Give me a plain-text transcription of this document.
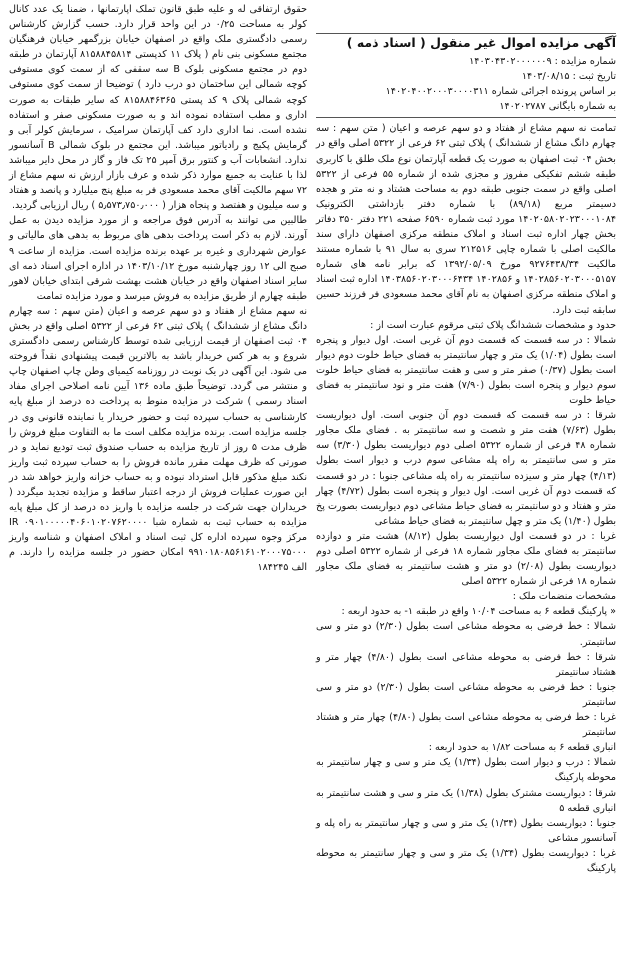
آگهی مزایده اموال غیر منقول ( اسناد ذمه )

شماره مزایده : ۱۴۰۳۰۴۳۰۲۰۰۰۰۰۰۹

تاریخ ثبت : ۱۴۰۳/۰۸/۱۵

بر اساس پرونده اجرائی شماره ۱۴۰۲۰۴۰۰۲۰۰۰۳۰۰۰۰۳۱۱

به شماره بایگانی ۱۴۰۲۰۲۷۸۷

تمامت نه سهم مشاع از هفتاد و دو سهم عرصه و اعیان ( متن سهم : سه چهارم دانگ مشاع از ششدانگ ) پلاک ثبتی ۶۲ فرعی از ۵۳۲۲ اصلی واقع در بخش ۰۴ ثبت اصفهان به صورت یک قطعه آپارتمان نوع ملک طلق با کاربری طبقه ششم تفکیکی مفروز و مجزی شده از شماره ۵۵ فرعی از ۵۳۲۲ اصلی واقع در سمت جنوبی طبقه دوم به مساحت هشتاد و نه متر و هجده دسیمتر مربع (۸۹/۱۸) با شماره دفتر بازداشتی الکترونیک ۱۴۰۲۰۵۸۰۲۰۲۳۰۰۰۱۰۸۴ مورد ثبت شماره ۶۵۹۰ صفحه ۲۲۱ دفتر ۳۵۰ دفاتر بخش چهار اداره ثبت اسناد و املاک منطقه مرکزی اصفهان دارای سند مالکیت اصلی با شماره چاپی ۲۱۲۵۱۶ سری به سال ۹۱ با شماره مستند مالکیت ۹۲۷۶۴۳۸/۳۴ مورخ ۱۳۹۲/۰۵/۰۹ که برابر نامه های شماره ۱۴۰۲۸۵۶۰۲۰۳۰۰۰۵۱۵۷ و ۱۴۰۲۸۵۶ ۱۴۰۳۸۵۶۰۲۰۳۰۰۰۶۴۳۴ اداره ثبت اسناد و املاک منطقه مرکزی اصفهان به نام آقای محمد مسعودی فر فرزند حسین سابقه ثبت دارد.

حدود و مشخصات ششدانگ پلاک ثبتی مرقوم عبارت است از :

شمالا : در سه قسمت که قسمت دوم آن غربی است. اول دیوار و پنجره است بطول (۱/۰۴) یک متر و چهار سانتیمتر به فضای حیاط خلوت دوم دیوار است بطول (۰/۳۷) صفر متر و سی و هفت سانتیمتر به فضای حیاط خلوت سوم دیوار و پنجره است بطول (۷/۹۰) هفت متر و نود سانتیمتر به فضای حیاط خلوت

شرقا : در سه قسمت که قسمت دوم آن جنوبی است. اول دیواریست بطول (۷/۶۳) هفت متر و شصت و سه سانتیمتر به . فضای ملک مجاور شماره ۴۸ فرعی از شماره ۵۳۲۲ اصلی دوم دیواریست بطول (۳/۳۰) سه متر و سی سانتیمتر به راه پله مشاعی سوم درب و دیوار است بطول (۴/۱۳) چهار متر و سیزده سانتیمتر به راه پله مشاعی جنوبا : در دو قسمت که قسمت دوم آن غربی است. اول دیوار و پنجره است بطول (۴/۷۲) چهار متر و هفتاد و دو سانتیمتر به فضای حیاط مشاعی دوم دیواریست بصورت پخ بطول (۱/۴۰) یک متر و چهل سانتیمتر به فضای حیاط مشاعی

غربا : در دو قسمت اول دیواریست بطول (۸/۱۲) هشت متر و دوازده سانتیمتر به فضای ملک مجاور شماره ۱۸ فرعی از شماره ۵۳۲۲ اصلی دوم دیواریست بطول (۲/۰۸) دو متر و هشت سانتیمتر به فضای ملک مجاور شماره ۱۸ فرعی از شماره ۵۳۲۲ اصلی

مشخصات منضمات ملک :

« پارکینگ قطعه ۶ به مساحت ۱۰/۰۴ واقع در طبقه ۱- به حدود اربعه :

شمالا : خط فرضی به محوطه مشاعی است بطول (۲/۳۰) دو متر و سی سانتیمتر.

شرقا : خط فرضی به محوطه مشاعی است بطول (۴/۸۰) چهار متر و هشتاد سانتیمتر

جنوبا : خط فرضی به محوطه مشاعی است بطول (۲/۳۰) دو متر و سی سانتیمتر

غربا : خط فرضی به محوطه مشاعی است بطول (۴/۸۰) چهار متر و هشتاد سانتیمتر

انباری قطعه ۶ به مساحت ۱/۸۲ به حدود اربعه :

شمالا : درب و دیوار است بطول (۱/۳۴) یک متر و سی و چهار سانتیمتر به محوطه پارکینگ

شرقا : دیواریست مشترک بطول (۱/۳۸) یک متر و سی و هشت سانتیمتر به انباری قطعه ۵

جنوبا : دیواریست بطول (۱/۳۴) یک متر و سی و چهار سانتیمتر به راه پله و آسانسور مشاعی

غربا : دیواریست بطول (۱/۳۴) یک متر و سی و چهار سانتیمتر به محوطه پارکینگ

حقوق ارتفاقی له و علیه طبق قانون تملک اپارتمانها ، ضمنا یک عدد کانال کولر به مساحت ۰/۲۵ در این واحد قرار دارد. حسب گزارش کارشناس رسمی دادگستری ملک واقع در اصفهان خیابان بزرگمهر خیابان فرهنگیان مجتمع مسکونی بنی نام ( پلاک ۱۱ کدپستی ۸۱۵۸۸۴۵۸۱۴ آپارتمان در طبقه دوم در مجتمع مسکونی بلوک B سه سقفی که از سمت کوی مستوفی کوچه شمالی این ساختمان دو درب دارد ) توضیحا از سمت کوی مستوفی کوچه شمالی پلاک ۹ کد پستی ۸۱۵۸۸۴۶۳۶۵ که سایر طبقات به صورت اداری و مطب استفاده نموده اند و به صورت مسکونی صفر و استفاده نشده است. نما اداری دارد کف آپارتمان سرامیک ، سرمایش کولر آبی و گرمایش پکیج و رادیاتور میباشد. این مجتمع در بلوک شمالی B آسانسور ندارد. انشعابات آب و کنتور برق آمپر ۲۵ تک فاز و گاز در محل دایر میباشد لذا با عنایت به جمیع موارد ذکر شده و عرف بازار ارزش نه سهم مشاع از ۷۲ سهم مالکیت آقای محمد مسعودی فر به مبلغ پنج میلیارد و پانصد و هفتاد و سه میلیون و هفتصد و پنجاه هزار ( ۵٫۵۷۳٫۷۵۰٫۰۰۰ ) ریال ارزیابی گردید.

طالبین می توانند به آدرس فوق مراجعه و از مورد مزایده دیدن به عمل آورند. لازم به ذکر است پرداخت بدهی های مربوط به بدهی های مالیاتی و عوارض شهرداری و غیره بر عهده برنده مزایده است. مزایده از ساعت ۹ صبح الی ۱۲ روز چهارشنبه مورخ ۱۴۰۳/۱۰/۱۲ در اداره اجرای اسناد ذمه ای سایر اسناد اصفهان واقع در خیابان هشت بهشت شرقی ابتدای خیابان لاهور طبقه چهارم از طریق مزایده به فروش میرسد و مورد مزایده تمامت

نه سهم مشاع از هفتاد و دو سهم عرصه و اعیان (متن سهم : سه چهارم دانگ مشاع از ششدانگ ) پلاک ثبتی ۶۲ فرعی از ۵۳۲۲ اصلی واقع در بخش ۰۴ ثبت اصفهان از قیمت ارزیابی شده توسط کارشناس رسمی دادگستری شروع و به هر کس خریدار باشد به بالاترین قیمت پیشنهادی نقداً فروخته می شود. این آگهی در یک نوبت در روزنامه کیمیای وطن چاپ اصفهان چاپ و منتشر می گردد. توضیحاً طبق ماده ۱۳۶ آیین نامه اصلاحی اجرای مفاد اسناد رسمی ) شرکت در مزایده منوط به پرداخت ده درصد از مبلغ پایه کارشناسی به حساب سپرده ثبت و حضور خریدار یا نماینده قانونی وی در جلسه مزایده است. برنده مزایده مکلف است ما به التفاوت مبلغ فروش را ظرف مدت ۵ روز از تاریخ مزایده به حساب صندوق ثبت تودیع نماید و در صورتی که ظرف مهلت مقرر مانده فروش را به حساب سپرده ثبت واریز نکند مبلغ مذکور قابل استرداد نبوده و به حساب خزانه واریز خواهد شد در این صورت عملیات فروش از درجه اعتبار ساقط و مزایده تجدید میگردد ( خریداران جهت شرکت در جلسه مزایده با واریز ده درصد از کل مبلغ پایه مزایده به حساب ثبت به شماره شبا IR ۰۹۰۱۰۰۰۰۰۴۰۶۰۱۰۲۰۷۶۲۰۰۰۰ مرکز وجوه سپرده اداره کل ثبت اسناد و املاک اصفهان و شناسه واریز ۹۹۱۰۱۸۰۸۵۶۱۶۱۰۲۰۰۰۷۵۰۰۰ امکان حضور در جلسه مزایده را دارند. م الف ۱۸۴۲۴۵
